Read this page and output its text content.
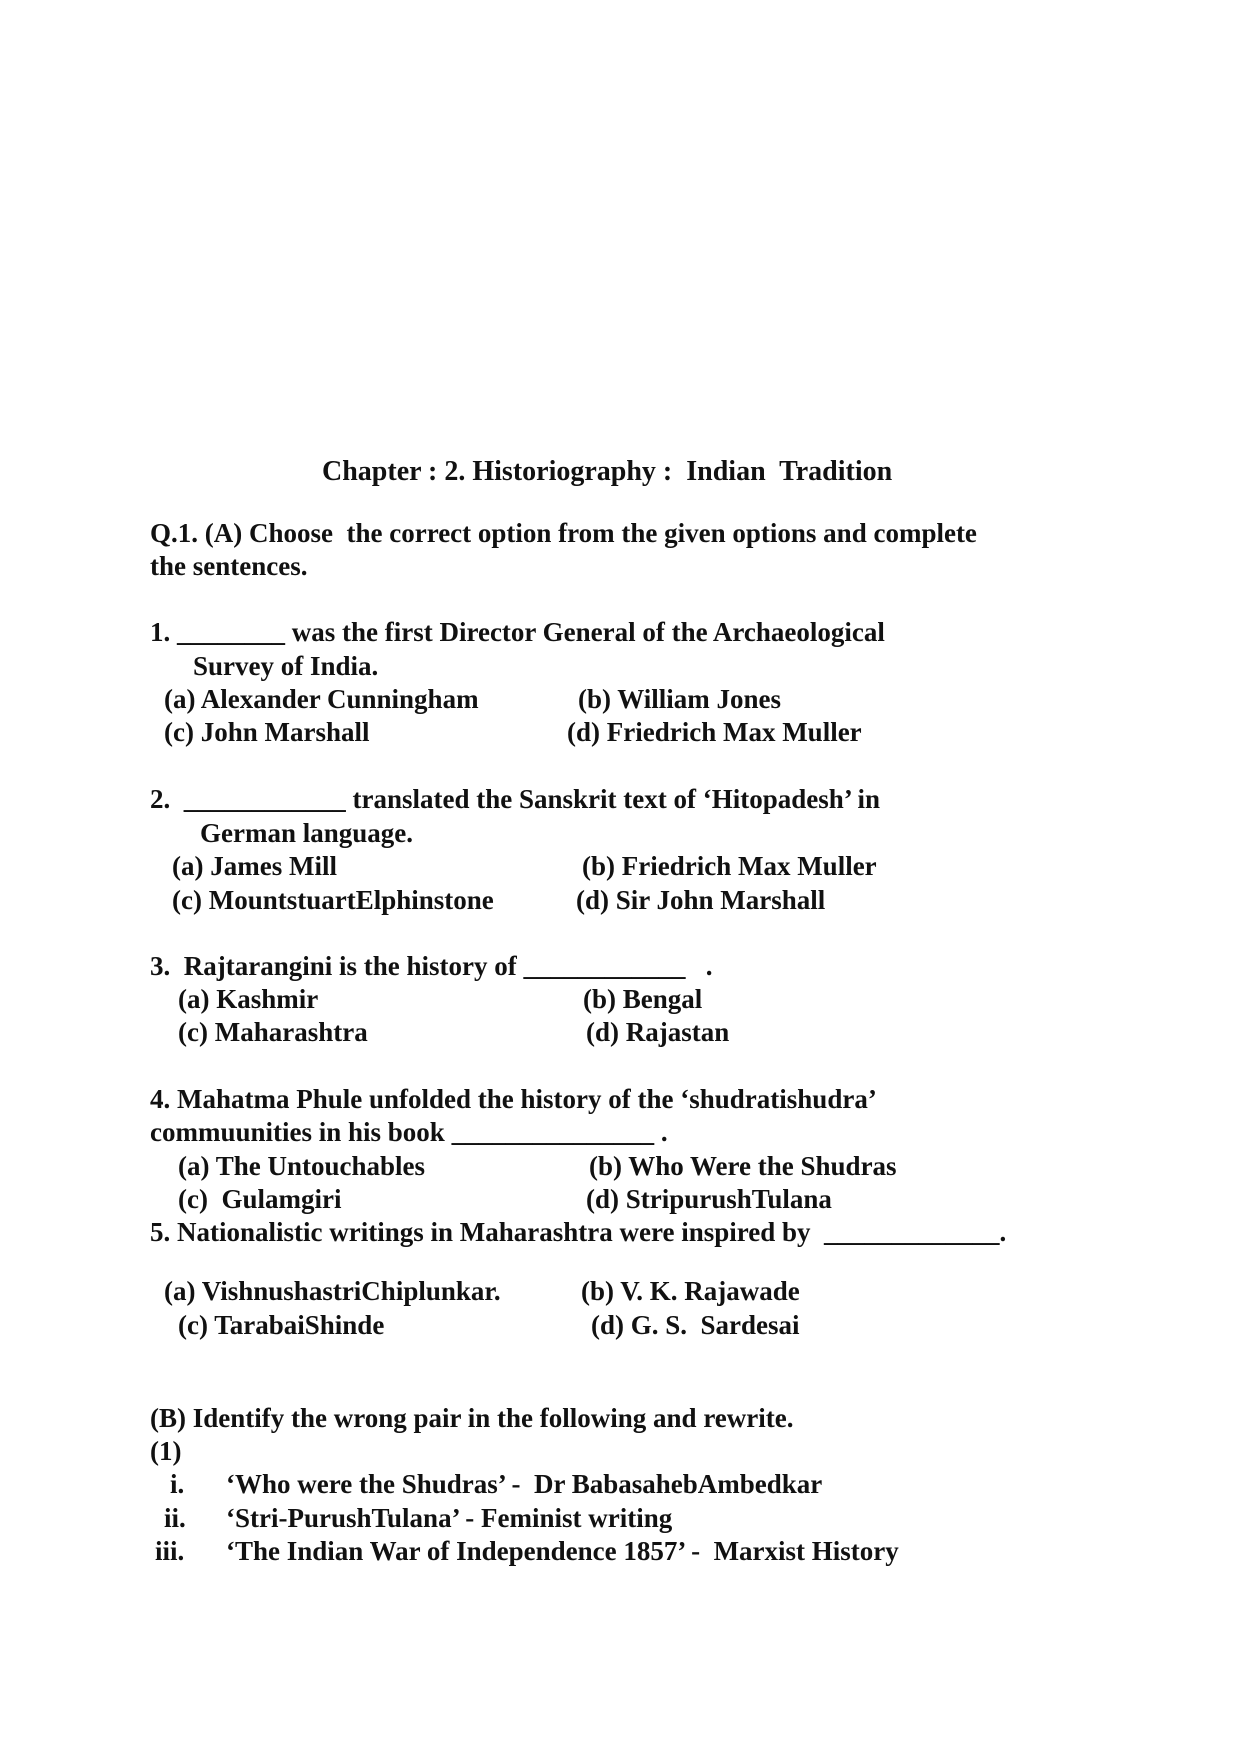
Chapter : 2. Historiography :  Indian  Tradition
Q.1. (A) Choose  the correct option from the given options and complete
the sentences.
1. ________ was the first Director General of the Archaeological
Survey of India.
(a) Alexander Cunningham	(b) William Jones
(c) John Marshall	(d) Friedrich Max Muller
2.  ____________ translated the Sanskrit text of ‘Hitopadesh’ in
German language.
(a) James Mill	(b) Friedrich Max Muller
(c) MountstuartElphinstone	(d) Sir John Marshall
3.  Rajtarangini is the history of ____________   .
(a) Kashmir	(b) Bengal
(c) Maharashtra	(d) Rajastan
4. Mahatma Phule unfolded the history of the ‘shudratishudra’
commuunities in his book _______________ .
(a) The Untouchables	(b) Who Were the Shudras
(c)  Gulamgiri	(d) StripurushTulana
5. Nationalistic writings in Maharashtra were inspired by  _____________.
(a) VishnushastriChiplunkar.	(b) V. K. Rajawade
(c) TarabaiShinde	(d) G. S.  Sardesai
(B) Identify the wrong pair in the following and rewrite.
(1)
i. ‘Who were the Shudras’ -  Dr BabasahebAmbedkar
ii. ‘Stri-PurushTulana’ - Feminist writing
iii. ‘The Indian War of Independence 1857’ -  Marxist History
